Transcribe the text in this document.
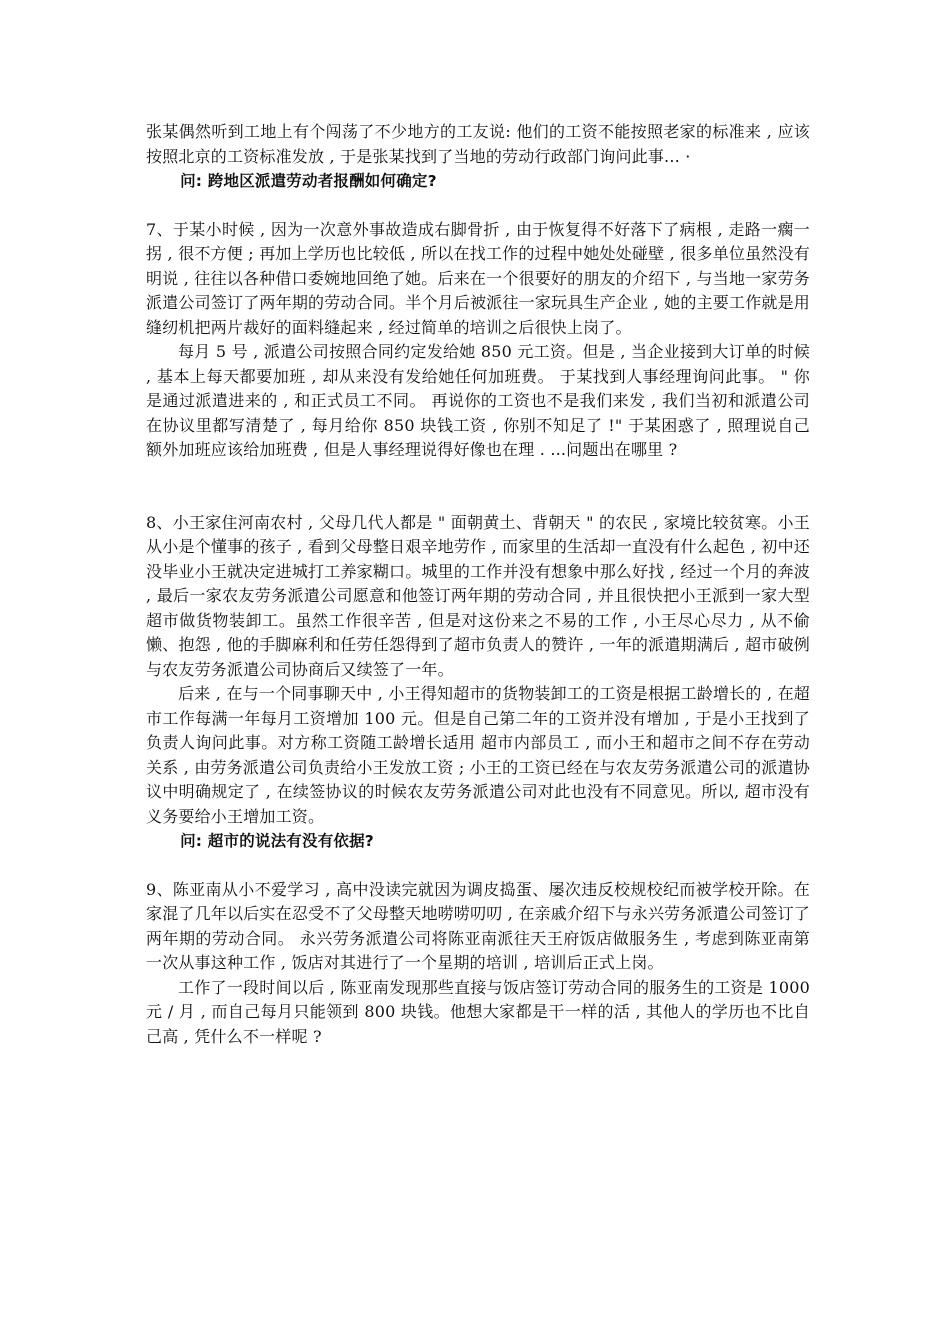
张某偶然听到工地上有个闯荡了不少地方的工友说: 他们的工资不能按照老家的标准来 , 应该按照北京的工资标准发放 , 于是张某找到了当地的劳动行政部门询问此事... ·

问: 跨地区派遣劳动者报酬如何确定?

7、于某小时候 , 因为一次意外事故造成右脚骨折 , 由于恢复得不好落下了病根 , 走路一瘸一拐 , 很不方便 ; 再加上学历也比较低 , 所以在找工作的过程中她处处碰壁 , 很多单位虽然没有明说 , 往往以各种借口委婉地回绝了她。后来在一个很要好的朋友的介绍下 , 与当地一家劳务派遣公司签订了两年期的劳动合同。半个月后被派往一家玩具生产企业 , 她的主要工作就是用缝纫机把两片裁好的面料缝起来 , 经过简单的培训之后很快上岗了。

每月 5 号 , 派遣公司按照合同约定发给她 850 元工资。但是 , 当企业接到大订单的时候 , 基本上每天都要加班 , 却从来没有发给她任何加班费。 于某找到人事经理询问此事。 " 你是通过派遣进来的 , 和正式员工不同。 再说你的工资也不是我们来发 , 我们当初和派遣公司在协议里都写清楚了 , 每月给你 850 块钱工资 , 你别不知足了 !" 于某困惑了 , 照理说自己额外加班应该给加班费 , 但是人事经理说得好像也在理 . ...问题出在哪里 ?

8、小王家住河南农村 , 父母几代人都是 " 面朝黄土、背朝天 " 的农民 , 家境比较贫寒。小王从小是个懂事的孩子 , 看到父母整日艰辛地劳作 , 而家里的生活却一直没有什么起色 , 初中还没毕业小王就决定进城打工养家糊口。城里的工作并没有想象中那么好找 , 经过一个月的奔波 , 最后一家农友劳务派遣公司愿意和他签订两年期的劳动合同 , 并且很快把小王派到一家大型超市做货物装卸工。虽然工作很辛苦 , 但是对这份来之不易的工作 , 小王尽心尽力 , 从不偷懒、抱怨 , 他的手脚麻利和任劳任怨得到了超市负责人的赞许 , 一年的派遣期满后 , 超市破例与农友劳务派遣公司协商后又续签了一年。

后来 , 在与一个同事聊天中 , 小王得知超市的货物装卸工的工资是根据工龄增长的 , 在超市工作每满一年每月工资增加 100 元。但是自己第二年的工资并没有增加 , 于是小王找到了负责人询问此事。对方称工资随工龄增长适用 超市内部员工 , 而小王和超市之间不存在劳动关系 , 由劳务派遣公司负责给小王发放工资 ; 小王的工资已经在与农友劳务派遣公司的派遣协议中明确规定了 , 在续签协议的时候农友劳务派遣公司对此也没有不同意见。所以, 超市没有义务要给小王增加工资。

问: 超市的说法有没有依据?

9、陈亚南从小不爱学习 , 高中没读完就因为调皮捣蛋、屡次违反校规校纪而被学校开除。在家混了几年以后实在忍受不了父母整天地唠唠叨叨 , 在亲戚介绍下与永兴劳务派遣公司签订了两年期的劳动合同。 永兴劳务派遣公司将陈亚南派往天王府饭店做服务生 , 考虑到陈亚南第一次从事这种工作 , 饭店对其进行了一个星期的培训 , 培训后正式上岗。

工作了一段时间以后 , 陈亚南发现那些直接与饭店签订劳动合同的服务生的工资是 1000 元 / 月 , 而自己每月只能领到 800 块钱。他想大家都是干一样的活 , 其他人的学历也不比自己高 , 凭什么不一样呢 ?
